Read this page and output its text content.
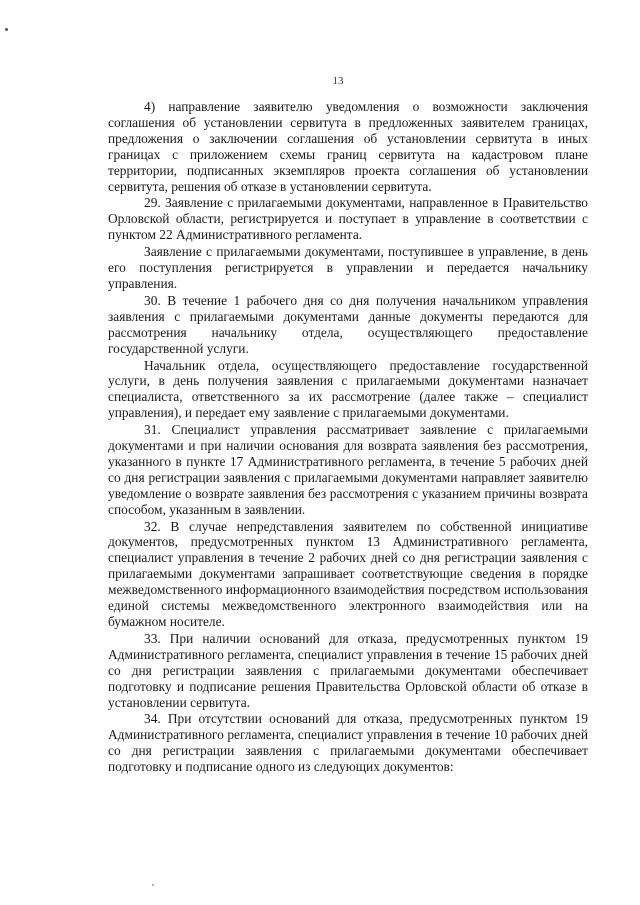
13

4) направление заявителю уведомления о возможности заключения соглашения об установлении сервитута в предложенных заявителем границах, предложения о заключении соглашения об установлении сервитута в иных границах с приложением схемы границ сервитута на кадастровом плане территории, подписанных экземпляров проекта соглашения об установлении сервитута, решения об отказе в установлении сервитута.

29. Заявление с прилагаемыми документами, направленное в Правительство Орловской области, регистрируется и поступает в управление в соответствии с пунктом 22 Административного регламента.

Заявление с прилагаемыми документами, поступившее в управление, в день его поступления регистрируется в управлении и передается начальнику управления.

30. В течение 1 рабочего дня со дня получения начальником управления заявления с прилагаемыми документами данные документы передаются для рассмотрения начальнику отдела, осуществляющего предоставление государственной услуги.

Начальник отдела, осуществляющего предоставление государственной услуги, в день получения заявления с прилагаемыми документами назначает специалиста, ответственного за их рассмотрение (далее также – специалист управления), и передает ему заявление с прилагаемыми документами.

31. Специалист управления рассматривает заявление с прилагаемыми документами и при наличии основания для возврата заявления без рассмотрения, указанного в пункте 17 Административного регламента, в течение 5 рабочих дней со дня регистрации заявления с прилагаемыми документами направляет заявителю уведомление о возврате заявления без рассмотрения с указанием причины возврата способом, указанным в заявлении.

32. В случае непредставления заявителем по собственной инициативе документов, предусмотренных пунктом 13 Административного регламента, специалист управления в течение 2 рабочих дней со дня регистрации заявления с прилагаемыми документами запрашивает соответствующие сведения в порядке межведомственного информационного взаимодействия посредством использования единой системы межведомственного электронного взаимодействия или на бумажном носителе.

33. При наличии оснований для отказа, предусмотренных пунктом 19 Административного регламента, специалист управления в течение 15 рабочих дней со дня регистрации заявления с прилагаемыми документами обеспечивает подготовку и подписание решения Правительства Орловской области об отказе в установлении сервитута.

34. При отсутствии оснований для отказа, предусмотренных пунктом 19 Административного регламента, специалист управления в течение 10 рабочих дней со дня регистрации заявления с прилагаемыми документами обеспечивает подготовку и подписание одного из следующих документов:
